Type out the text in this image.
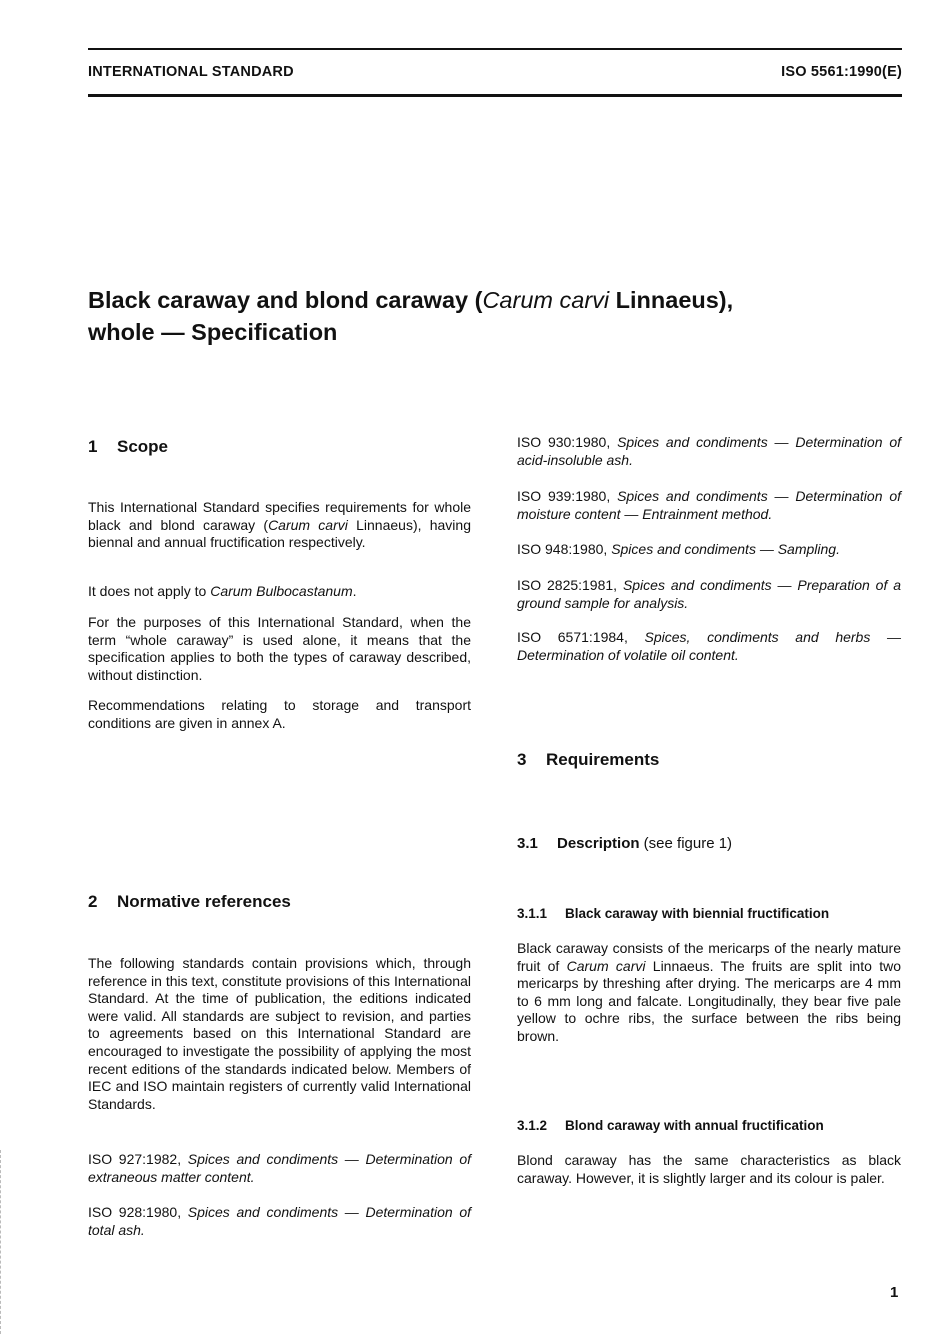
INTERNATIONAL STANDARD	ISO 5561:1990(E)
Black caraway and blond caraway (Carum carvi Linnaeus),
whole — Specification
1 Scope

This International Standard specifies requirements for whole black and blond caraway (Carum carvi Linnaeus), having biennal and annual fructification respectively.

It does not apply to Carum Bulbocastanum.

For the purposes of this International Standard, when the term “whole caraway” is used alone, it means that the specification applies to both the types of caraway described, without distinction.

Recommendations relating to storage and transport conditions are given in annex A.

2 Normative references

The following standards contain provisions which, through reference in this text, constitute provisions of this International Standard. At the time of publication, the editions indicated were valid. All standards are subject to revision, and parties to agreements based on this International Standard are encouraged to investigate the possibility of applying the most recent editions of the standards indicated below. Members of IEC and ISO maintain registers of currently valid International Standards.

ISO 927:1982, Spices and condiments — Determination of extraneous matter content.

ISO 928:1980, Spices and condiments — Determination of total ash.

ISO 930:1980, Spices and condiments — Determination of acid-insoluble ash.

ISO 939:1980, Spices and condiments — Determination of moisture content — Entrainment method.

ISO 948:1980, Spices and condiments — Sampling.

ISO 2825:1981, Spices and condiments — Preparation of a ground sample for analysis.

ISO 6571:1984, Spices, condiments and herbs — Determination of volatile oil content.

3 Requirements
3.1 Description (see figure 1)
3.1.1 Black caraway with biennial fructification

Black caraway consists of the mericarps of the nearly mature fruit of Carum carvi Linnaeus. The fruits are split into two mericarps by threshing after drying. The mericarps are 4 mm to 6 mm long and falcate. Longitudinally, they bear five pale yellow to ochre ribs, the surface between the ribs being brown.

3.1.2 Blond caraway with annual fructification

Blond caraway has the same characteristics as black caraway. However, it is slightly larger and its colour is paler.

1
